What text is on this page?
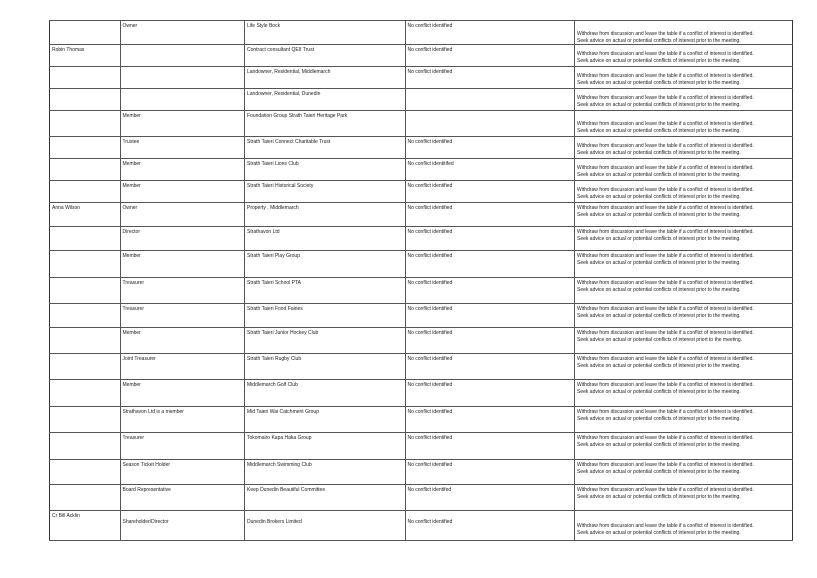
	Owner	Life Style Bock	No conflict identified	Withdraw from discussion and leave the table if a conflict of interest is identified.
Seek advice on actual or potential conflicts of interest prior to the meeting.

Robin Thomas		Contract consultant QEII Trust	No conflict identified	Withdraw from discussion and leave the table if a conflict of interest is identified.
Seek advice on actual or potential conflicts of interest prior to the meeting.

		Landowner, Residential, Middlemarch	No conflict identified	Withdraw from discussion and leave the table if a conflict of interest is identified.
Seek advice on actual or potential conflicts of interest prior to the meeting.

		Landowner, Residential, Dunedin		Withdraw from discussion and leave the table if a conflict of interest is identified.
Seek advice on actual or potential conflicts of interest prior to the meeting.

	Member	Foundation Group Strath Taieri Heritage Park		Withdraw from discussion and leave the table if a conflict of interest is identified.
Seek advice on actual or potential conflicts of interest prior to the meeting.

	Trustee	Strath Taieri Connect Charitable Trust	No conflict identified	Withdraw from discussion and leave the table if a conflict of interest is identified.
Seek advice on actual or potential conflicts of interest prior to the meeting.

	Member	Strath Taieri Lions Club	No conflict identitifed	Withdraw from discussion and leave the table if a conflict of interest is identified.
Seek advice on actual or potential conflicts of interest prior to the meeting.

	Member	Strath Taieri Historical Society	No conflict identified	Withdraw from discussion and leave the table if a conflict of interest is identified.
Seek advice on actual or potential conflicts of interest prior to the meeting.

Anna Wilson	Owner	Property , Middlemarch	No conflict identified	Withdraw from discussion and leave the table if a conflict of interest is identified.
Seek advice on actual or potential conflicts of interest prior to the meeting.

	Director	Strathavon Ltd	No conflict identified	Withdraw from discussion and leave the table if a conflict of interest is identified.
Seek advice on actual or potential conflicts of interest prior to the meeting.

	Member	Strath Taieri Play Group	No conflict identified	Withdraw from discussion and leave the table if a conflict of interest is identified.
Seek advice on actual or potential conflicts of interest prior to the meeting.

	Treasurer	Strath Taieri School PTA	No conflict identified	Withdraw from discussion and leave the table if a conflict of interest is identified.
Seek advice on actual or potential conflicts of interest prior to the meeting.

	Treasurer	Strath Taieri Food Fairies	No conflict identified	Withdraw from discussion and leave the table if a conflict of interest is identified.
Seek advice on actual or potential conflicts of interest prior to the meeting.

	Member	Strath Taieri Junior Hockey Club	No conflict identified	Withdraw from discussion and leave the table if a conflict of interest is identified.
Seek advice on actual or potential conflicts of interest priort to the meeting.

	Joint Treasurer	Strath Taieri Rugby Club	No conflict identified	Withdraw from discussion and leave the table if a conflict of interest is identified.
Seek advice on actual or potential conflicts of interest prior to the meeting.

	Member	Middlemarch Golf Club	No conflict identified	Withdraw from discussion and leave the table if a conflict of interest is identified.
Seek advice on actual or potential conflicts of interest prior to the meeting.

	Strathavon Ltd is a member	Mid Taieri Wai Catchment Group	No conflict identified	Withdraw from discussion and leave the table if a conflict of interest is identified.
Seek advice on actual or potential conflicts of interest prior to the meeting.

	Treasurer	Tokomairo Kapa Haka Group	No conflict identified	Withdraw from discussion and leave the table if a conflict of interest is identified.
Seek advice on actual or potential conflicts of interest prior to the meeting.

	Season Ticket Holder	Middlemarch Swimming Club	No conflict identified	Withdraw from discussion and leave the table if a conflict of interest is identified.
Seek advice on actual or potential conflicts of interest prior to the meeting.

	Board Representative	Keep Dunedin Beautiful Committee	No conflict identifed	Withdraw from discussion and leave the table if a conflict of interest is identified.
Seek advice on actual or potential conflicts of interest prior to the meeting.

Cr Bill Acklin	Shareholder/Director	Dunedin Brokers Limited	No conflict identified	Withdraw from discussion and leave the table if a conflict of interest is identified.
Seek advice on actual or potential conflicts of interest prior to the meeting.
